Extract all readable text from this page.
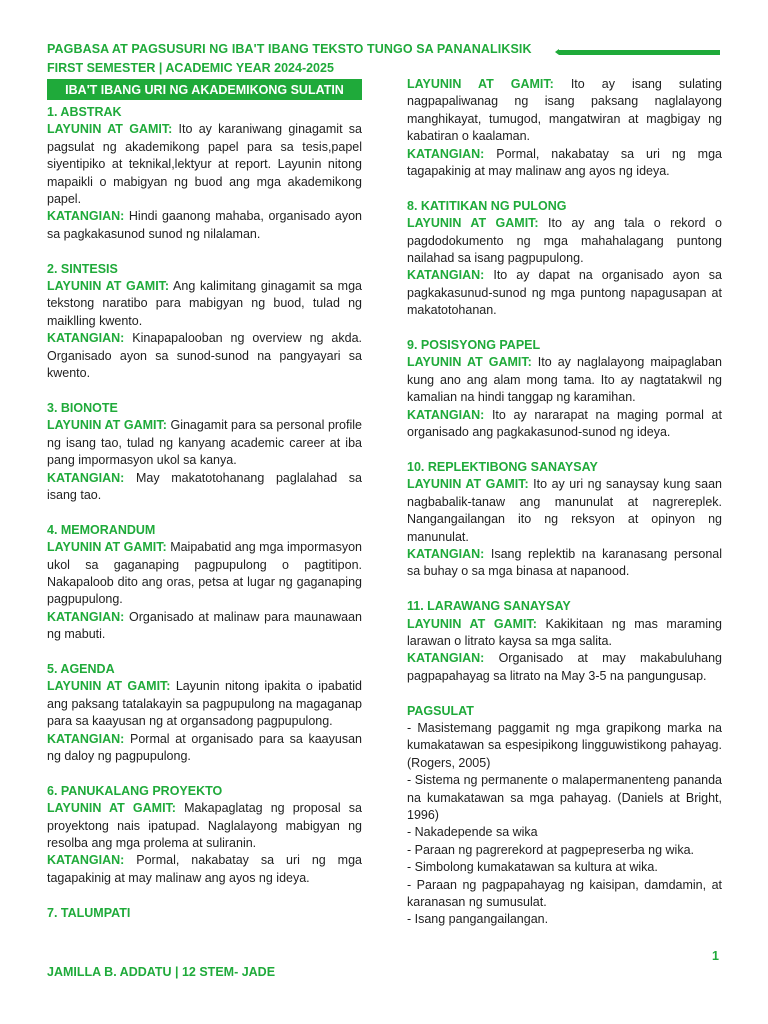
PAGBASA AT PAGSUSURI NG IBA'T IBANG TEKSTO TUNGO SA PANANALIKSIK
FIRST SEMESTER | ACADEMIC YEAR 2024-2025
IBA'T IBANG URI NG AKADEMIKONG SULATIN
1. ABSTRAK

LAYUNIN AT GAMIT: Ito ay karaniwang ginagamit sa pagsulat ng akademikong papel para sa tesis,papel siyentipiko at teknikal,lektyur at report. Layunin nitong mapaikli o mabigyan ng buod ang mga akademikong papel.

KATANGIAN: Hindi gaanong mahaba, organisado ayon sa pagkakasunod sunod ng nilalaman.

2. SINTESIS

LAYUNIN AT GAMIT: Ang kalimitang ginagamit sa mga tekstong naratibo para mabigyan ng buod, tulad ng maiklling kwento.

KATANGIAN: Kinapapalooban ng overview ng akda. Organisado ayon sa sunod-sunod na pangyayari sa kwento.

3. BIONOTE

LAYUNIN AT GAMIT: Ginagamit para sa personal profile ng isang tao, tulad ng kanyang academic career at iba pang impormasyon ukol sa kanya.

KATANGIAN: May makatotohanang paglalahad sa isang tao.

4. MEMORANDUM

LAYUNIN AT GAMIT: Maipabatid ang mga impormasyon ukol sa gaganaping pagpupulong o pagtitipon. Nakapaloob dito ang oras, petsa at lugar ng gaganaping pagpupulong.

KATANGIAN: Organisado at malinaw para maunawaan ng mabuti.

5. AGENDA

LAYUNIN AT GAMIT: Layunin nitong ipakita o ipabatid ang paksang tatalakayin sa pagpupulong na magaganap para sa kaayusan ng at organsadong pagpupulong.

KATANGIAN: Pormal at organisado para sa kaayusan ng daloy ng pagpupulong.

6. PANUKALANG PROYEKTO

LAYUNIN AT GAMIT: Makapaglatag ng proposal sa proyektong nais ipatupad. Naglalayong mabigyan ng resolba ang mga prolema at suliranin.

KATANGIAN: Pormal, nakabatay sa uri ng mga tagapakinig at may malinaw ang ayos ng ideya.

7. TALUMPATI

LAYUNIN AT GAMIT: Ito ay isang sulating nagpapaliwanag ng isang paksang naglalayong manghikayat, tumugod, mangatwiran at magbigay ng kabatiran o kaalaman.

KATANGIAN: Pormal, nakabatay sa uri ng mga tagapakinig at may malinaw ang ayos ng ideya.

8. KATITIKAN NG PULONG

LAYUNIN AT GAMIT: Ito ay ang tala o rekord o pagdodokumento ng mga mahahalagang puntong nailahad sa isang pagpupulong.

KATANGIAN: Ito ay dapat na organisado ayon sa pagkakasunud-sunod ng mga puntong napagusapan at makatotohanan.

9. POSISYONG PAPEL

LAYUNIN AT GAMIT: Ito ay naglalayong maipaglaban kung ano ang alam mong tama. Ito ay nagtatakwil ng kamalian na hindi tanggap ng karamihan.

KATANGIAN: Ito ay nararapat na maging pormal at organisado ang pagkakasunod-sunod ng ideya.

10. REPLEKTIBONG SANAYSAY

LAYUNIN AT GAMIT: Ito ay uri ng sanaysay kung saan nagbabalik-tanaw ang manunulat at nagrereplek. Nangangailangan ito ng reksyon at opinyon ng manunulat.

KATANGIAN: Isang replektib na karanasang personal sa buhay o sa mga binasa at napanood.

11. LARAWANG SANAYSAY

LAYUNIN AT GAMIT: Kakikitaan ng mas maraming larawan o litrato kaysa sa mga salita.

KATANGIAN: Organisado at may makabuluhang pagpapahayag sa litrato na May 3-5 na pangungusap.

PAGSULAT

- Masistemang paggamit ng mga grapikong marka na kumakatawan sa espesipikong lingguwistikong pahayag. (Rogers, 2005)

- Sistema ng permanente o malapermanenteng pananda na kumakatawan sa mga pahayag. (Daniels at Bright, 1996)

- Nakadepende sa wika

- Paraan ng pagrerekord at pagpepreserba ng wika.

- Simbolong kumakatawan sa kultura at wika.

- Paraan ng pagpapahayag ng kaisipan, damdamin, at karanasan ng sumusulat.

- Isang pangangailangan.

1
JAMILLA B. ADDATU | 12 STEM- JADE
